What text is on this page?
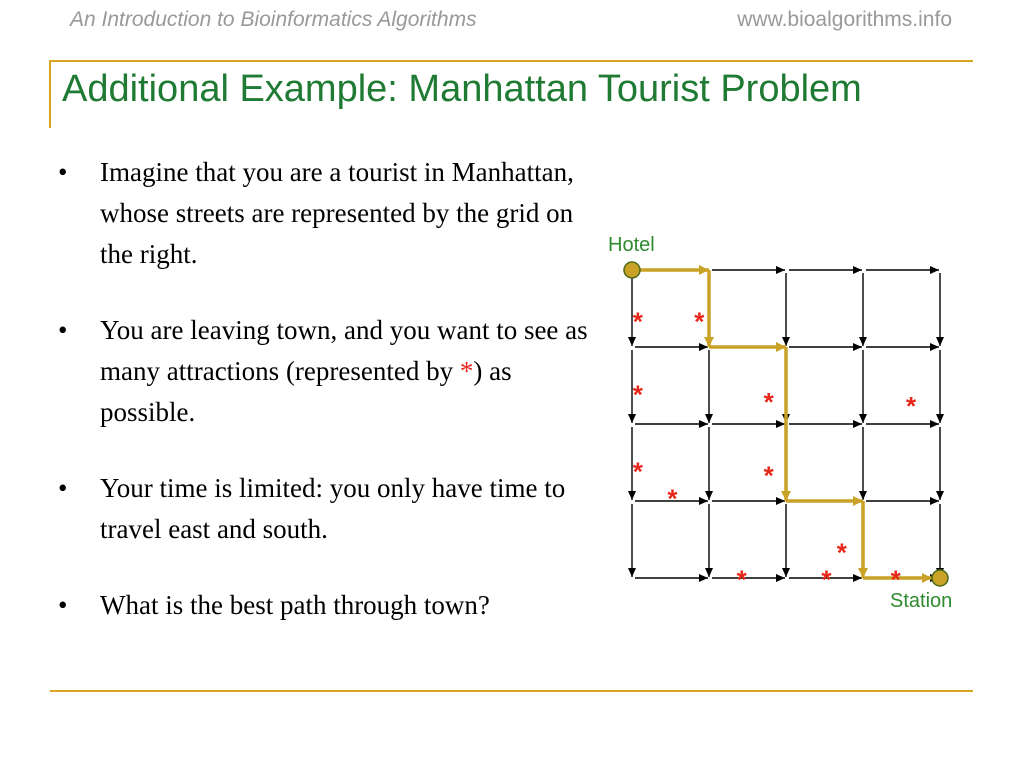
An Introduction to Bioinformatics Algorithms	www.bioalgorithms.info
Additional Example: Manhattan Tourist Problem
• Imagine that you are a tourist in Manhattan, whose streets are represented by the grid on the right.
• You are leaving town, and you want to see as many attractions (represented by *) as possible.
• Your time is limited: you only have time to travel east and south.
• What is the best path through town?
* *
*	*	*
*	*
*
*
*	* *
Hotel
Station
